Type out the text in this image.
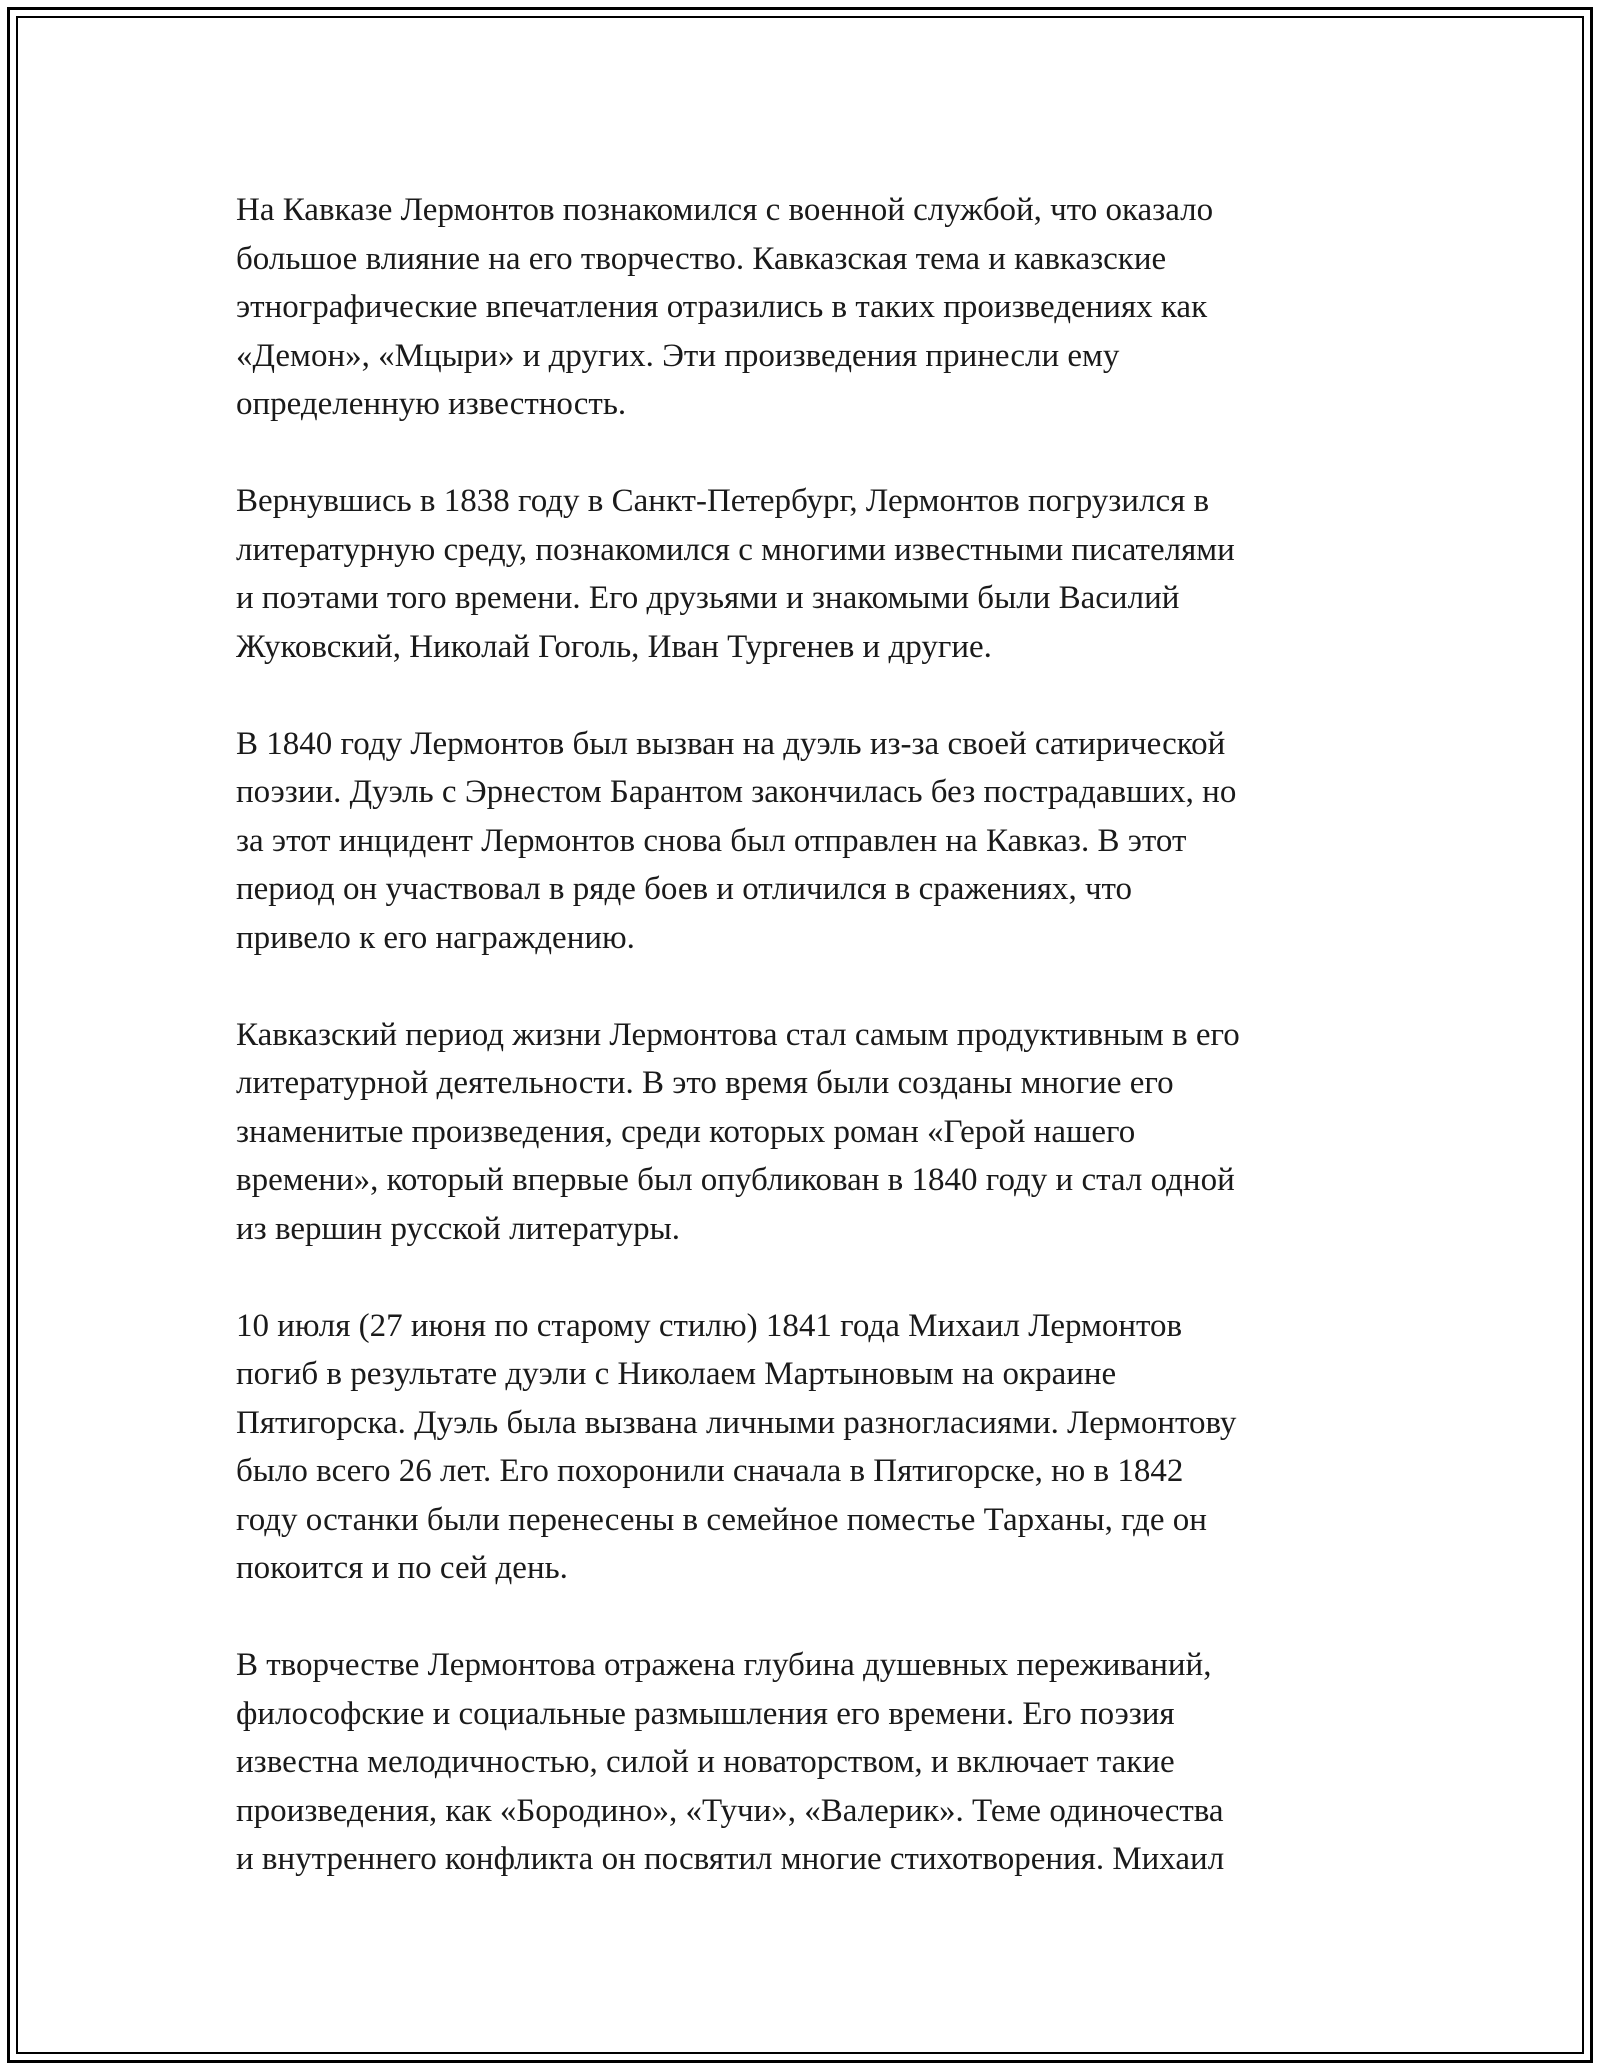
На Кавказе Лермонтов познакомился с военной службой, что оказало
большое влияние на его творчество. Кавказская тема и кавказские
этнографические впечатления отразились в таких произведениях как
«Демон», «Мцыри» и других. Эти произведения принесли ему
определенную известность.

Вернувшись в 1838 году в Санкт-Петербург, Лермонтов погрузился в
литературную среду, познакомился с многими известными писателями
и поэтами того времени. Его друзьями и знакомыми были Василий
Жуковский, Николай Гоголь, Иван Тургенев и другие.

В 1840 году Лермонтов был вызван на дуэль из-за своей сатирической
поэзии. Дуэль с Эрнестом Барантом закончилась без пострадавших, но
за этот инцидент Лермонтов снова был отправлен на Кавказ. В этот
период он участвовал в ряде боев и отличился в сражениях, что
привело к его награждению.

Кавказский период жизни Лермонтова стал самым продуктивным в его
литературной деятельности. В это время были созданы многие его
знаменитые произведения, среди которых роман «Герой нашего
времени», который впервые был опубликован в 1840 году и стал одной
из вершин русской литературы.

10 июля (27 июня по старому стилю) 1841 года Михаил Лермонтов
погиб в результате дуэли с Николаем Мартыновым на окраине
Пятигорска. Дуэль была вызвана личными разногласиями. Лермонтову
было всего 26 лет. Его похоронили сначала в Пятигорске, но в 1842
году останки были перенесены в семейное поместье Тарханы, где он
покоится и по сей день.

В творчестве Лермонтова отражена глубина душевных переживаний,
философские и социальные размышления его времени. Его поэзия
известна мелодичностью, силой и новаторством, и включает такие
произведения, как «Бородино», «Тучи», «Валерик». Теме одиночества
и внутреннего конфликта он посвятил многие стихотворения. Михаил
